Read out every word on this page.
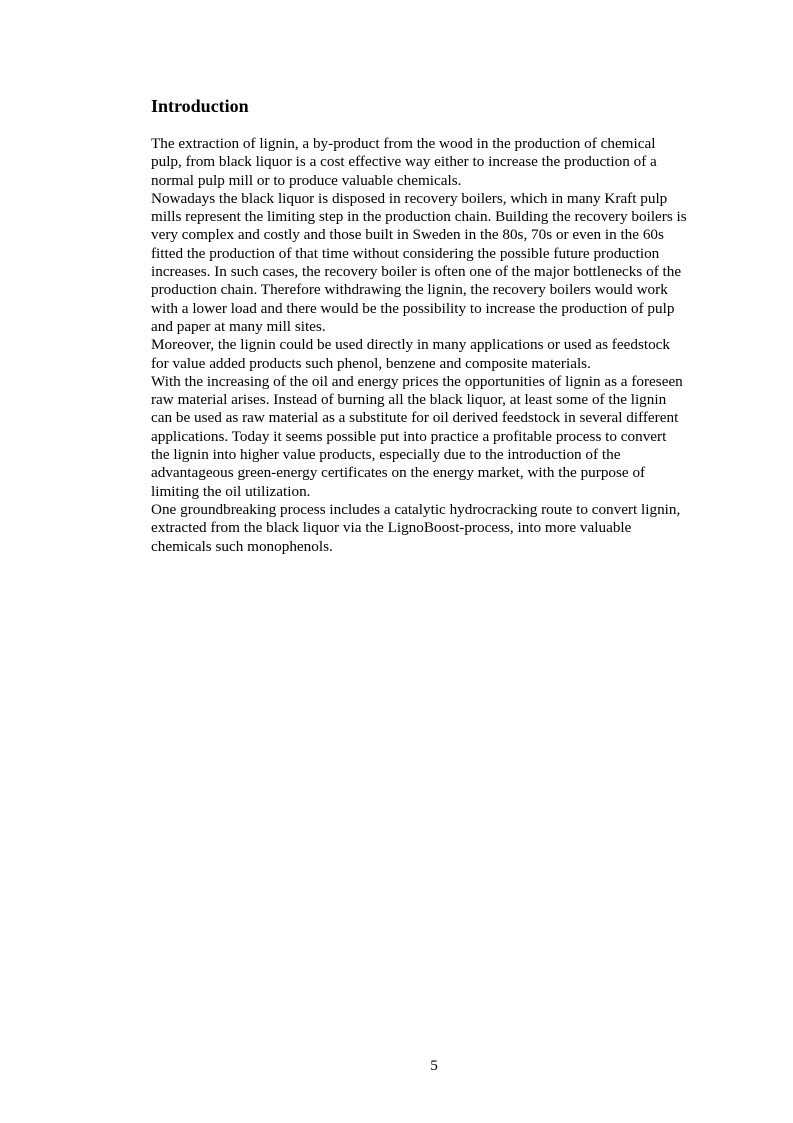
Introduction
The extraction of lignin, a by-product from the wood in the production of chemical
pulp, from black liquor is a cost effective way either to increase the production of a
normal pulp mill or to produce valuable chemicals.
Nowadays the black liquor is disposed in recovery boilers, which in many Kraft pulp
mills represent the limiting step in the production chain. Building the recovery boilers is
very complex and costly and those built in Sweden in the 80s, 70s or even in the 60s
fitted the production of that time without considering the possible future production
increases. In such cases, the recovery boiler is often one of the major bottlenecks of the
production chain. Therefore withdrawing the lignin, the recovery boilers would work
with a lower load and there would be the possibility to increase the production of pulp
and paper at many mill sites.
Moreover, the lignin could be used directly in many applications or used as feedstock
for value added products such phenol, benzene and composite materials.
With the increasing of the oil and energy prices the opportunities of lignin as a foreseen
raw material arises. Instead of burning all the black liquor, at least some of the lignin
can be used as raw material as a substitute for oil derived feedstock in several different
applications. Today it seems possible put into practice a profitable process to convert
the lignin into higher value products, especially due to the introduction of the
advantageous green-energy certificates on the energy market, with the purpose of
limiting the oil utilization.
One groundbreaking process includes a catalytic hydrocracking route to convert lignin,
extracted from the black liquor via the LignoBoost-process, into more valuable
chemicals such monophenols.
5
